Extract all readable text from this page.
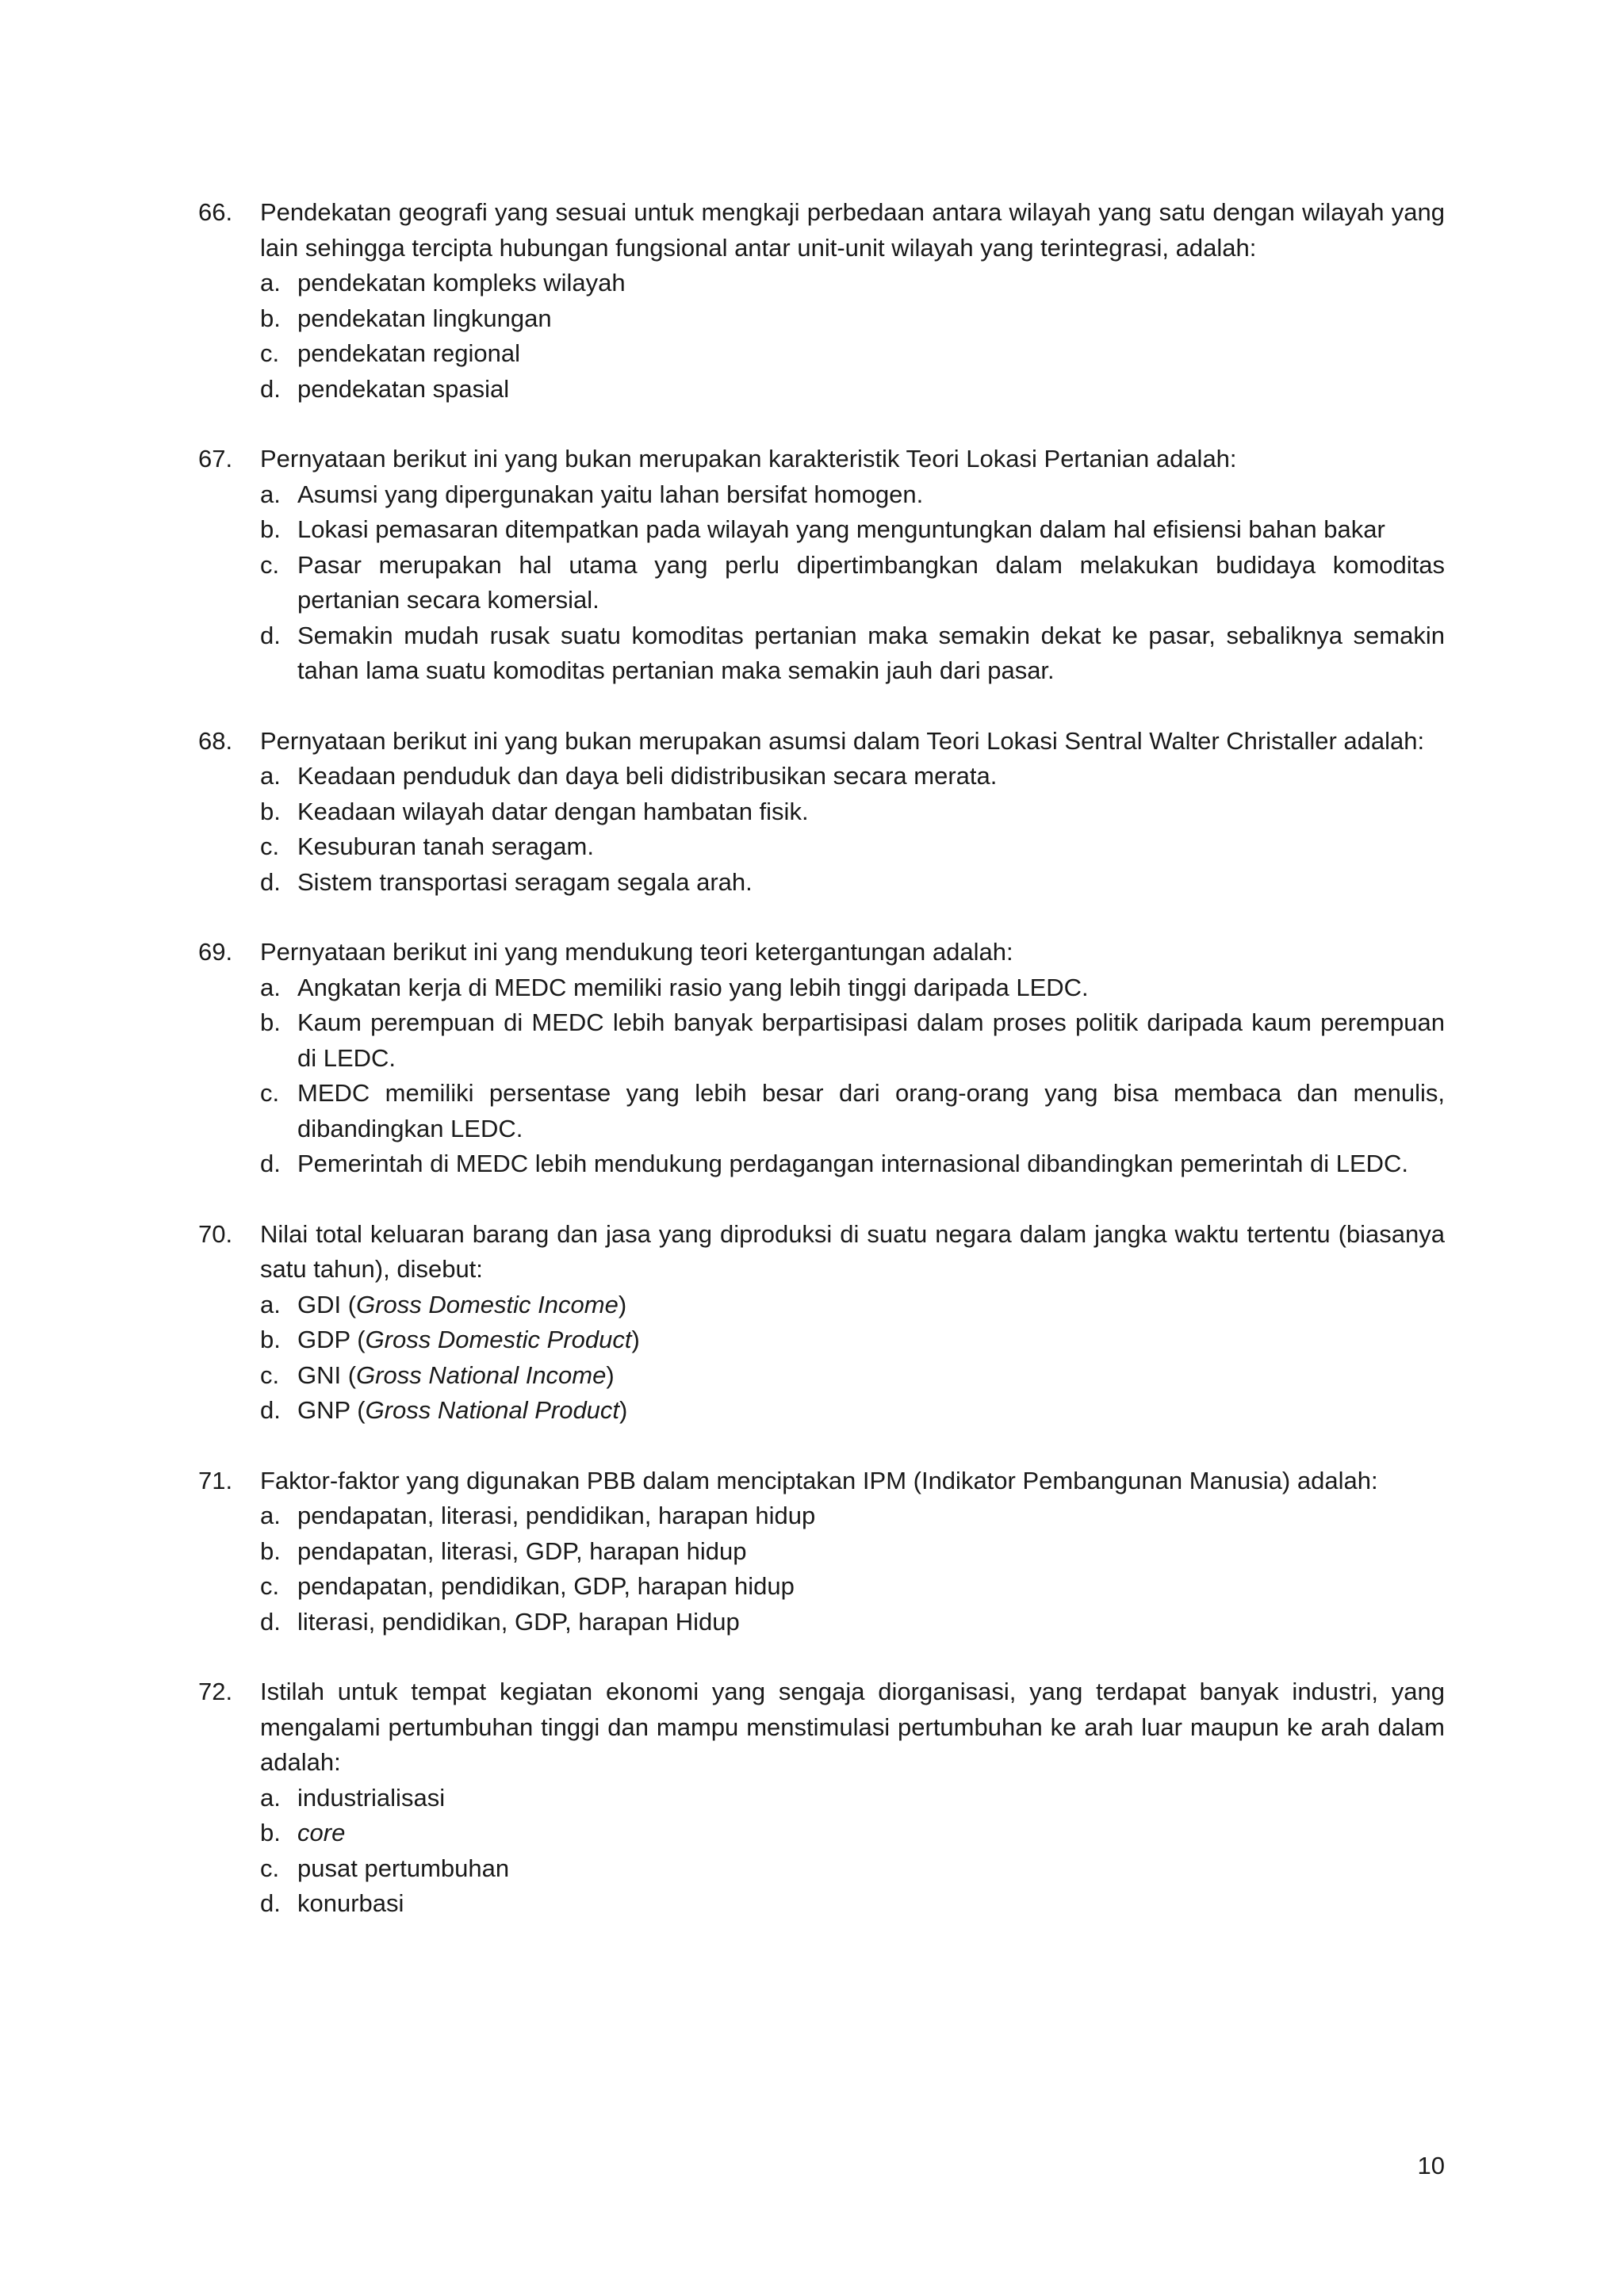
66.	Pendekatan geografi yang sesuai untuk mengkaji perbedaan antara wilayah yang satu dengan wilayah yang lain sehingga tercipta hubungan fungsional antar unit-unit wilayah yang terintegrasi, adalah:
a. pendekatan kompleks wilayah
b. pendekatan lingkungan
c. pendekatan regional
d. pendekatan spasial
67.	Pernyataan berikut ini yang bukan merupakan karakteristik Teori Lokasi Pertanian adalah:
a. Asumsi yang dipergunakan yaitu lahan bersifat homogen.
b. Lokasi pemasaran ditempatkan pada wilayah yang menguntungkan dalam hal efisiensi bahan bakar
c. Pasar merupakan hal utama yang perlu dipertimbangkan dalam melakukan budidaya komoditas pertanian secara komersial.
d. Semakin mudah rusak suatu komoditas pertanian maka semakin dekat ke pasar, sebaliknya semakin tahan lama suatu komoditas pertanian maka semakin jauh dari pasar.
68.	Pernyataan berikut ini yang bukan merupakan asumsi dalam Teori Lokasi Sentral Walter Christaller adalah:
a. Keadaan penduduk dan daya beli didistribusikan secara merata.
b. Keadaan wilayah datar dengan hambatan fisik.
c. Kesuburan tanah seragam.
d. Sistem transportasi seragam segala arah.
69.	Pernyataan berikut ini yang mendukung teori ketergantungan adalah:
a. Angkatan kerja di MEDC memiliki rasio yang lebih tinggi daripada LEDC.
b. Kaum perempuan di MEDC lebih banyak berpartisipasi dalam proses politik daripada kaum perempuan di LEDC.
c. MEDC memiliki persentase yang lebih besar dari orang-orang yang bisa membaca dan menulis, dibandingkan LEDC.
d. Pemerintah di MEDC lebih mendukung perdagangan internasional dibandingkan pemerintah di LEDC.
70.	Nilai total keluaran barang dan jasa yang diproduksi di suatu negara dalam jangka waktu tertentu (biasanya satu tahun), disebut:
a. GDI (Gross Domestic Income)
b. GDP (Gross Domestic Product)
c. GNI (Gross National Income)
d. GNP (Gross National Product)
71.	Faktor-faktor yang digunakan PBB dalam menciptakan IPM (Indikator Pembangunan Manusia) adalah:
a. pendapatan, literasi, pendidikan, harapan hidup
b. pendapatan, literasi, GDP, harapan hidup
c. pendapatan, pendidikan, GDP, harapan hidup
d. literasi, pendidikan, GDP, harapan Hidup
72.	Istilah untuk tempat kegiatan ekonomi yang sengaja diorganisasi, yang terdapat banyak industri, yang mengalami pertumbuhan tinggi dan mampu menstimulasi pertumbuhan ke arah luar maupun ke arah dalam adalah:
a. industrialisasi
b. core
c. pusat pertumbuhan
d. konurbasi
10
